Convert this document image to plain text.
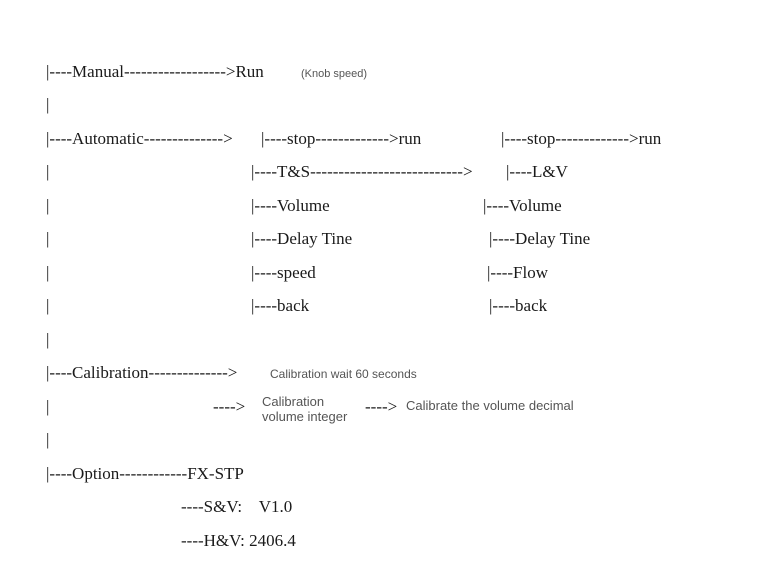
|----Manual------------------>Run	(Knob speed)
|
|----Automatic--------------> |----stop------------->run	|----stop------------->run
|	|----T&S---------------------------> |----L&V
|	|----Volume	|----Volume
|	|----Delay Tine	|----Delay Tine
|	|----speed	|----Flow
|	|----back	|----back
|
|----Calibration-------------->	Calibration wait 60 seconds
|	----> Calibration
volume integer
----> Calibrate the volume decimal
|
|----Option------------FX-STP
----S&V:    V1.0
----H&V: 2406.4
